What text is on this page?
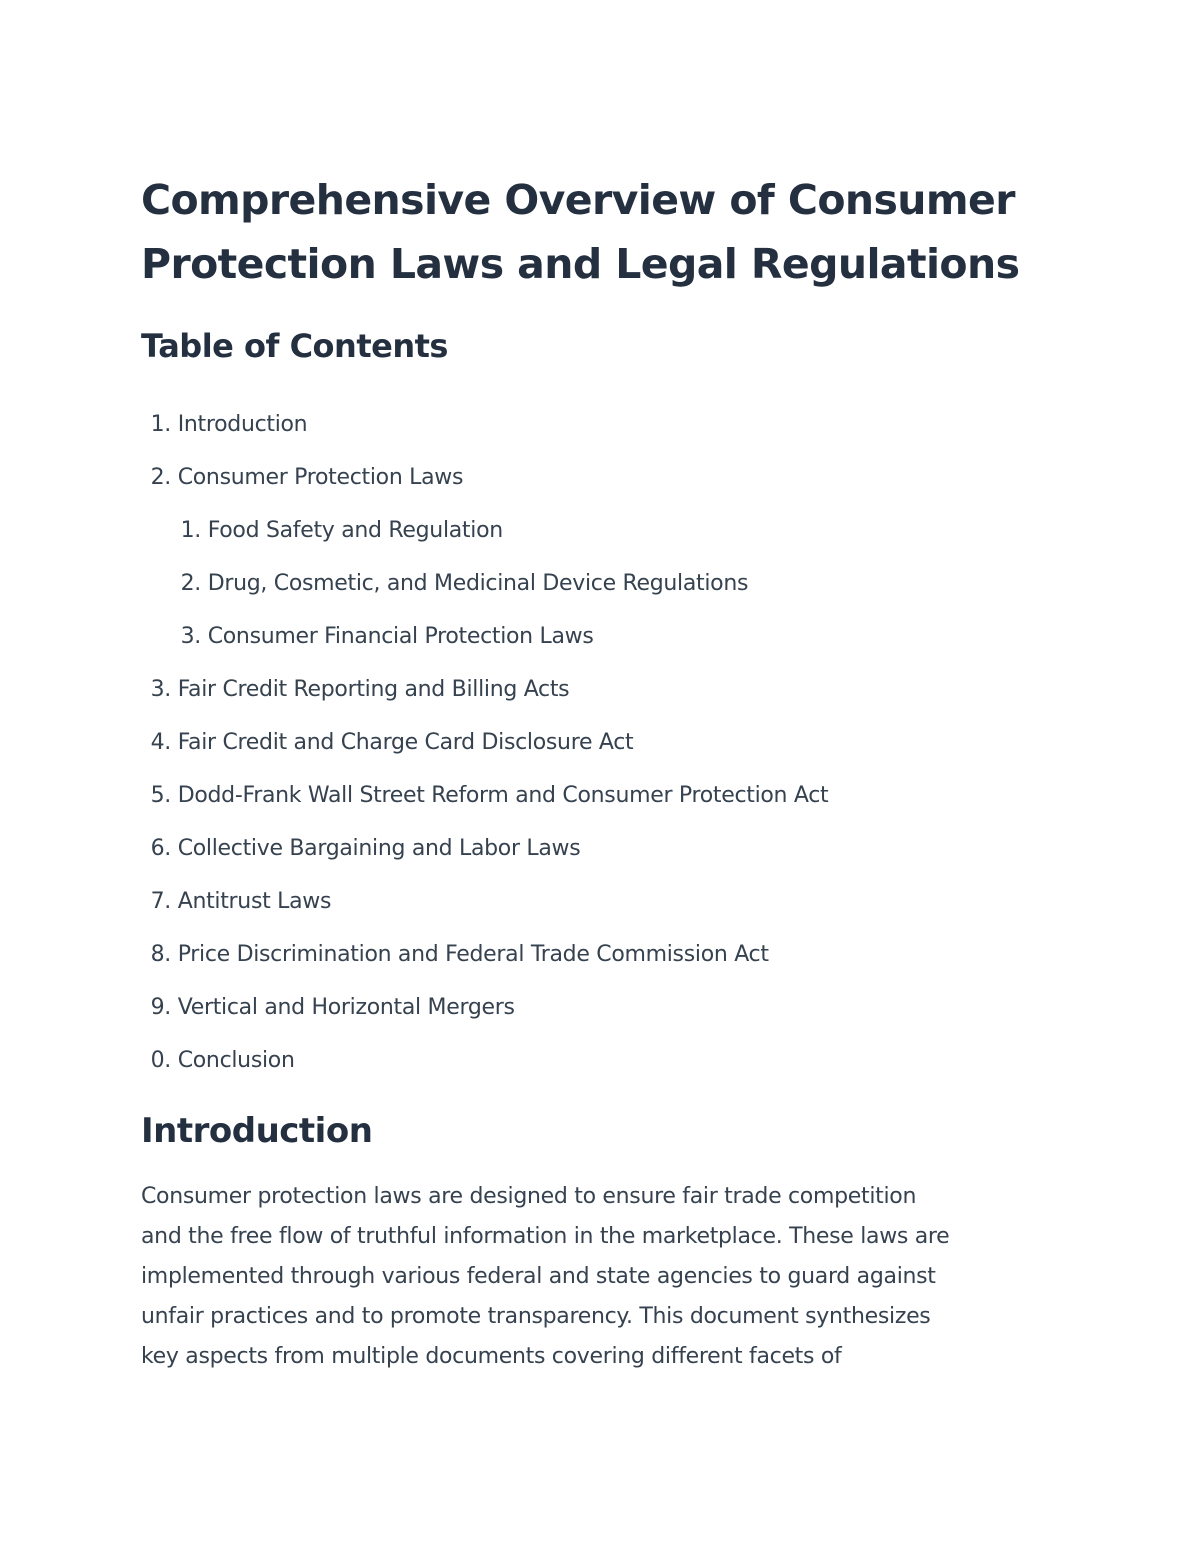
Comprehensive Overview of Consumer
Protection Laws and Legal Regulations
Table of Contents
1. Introduction
2. Consumer Protection Laws
1. Food Safety and Regulation
2. Drug, Cosmetic, and Medicinal Device Regulations
3. Consumer Financial Protection Laws
3. Fair Credit Reporting and Billing Acts
4. Fair Credit and Charge Card Disclosure Act
5. Dodd-Frank Wall Street Reform and Consumer Protection Act
6. Collective Bargaining and Labor Laws
7. Antitrust Laws
8. Price Discrimination and Federal Trade Commission Act
9. Vertical and Horizontal Mergers
0. Conclusion
Introduction

Consumer protection laws are designed to ensure fair trade competition
and the free flow of truthful information in the marketplace. These laws are
implemented through various federal and state agencies to guard against
unfair practices and to promote transparency. This document synthesizes
key aspects from multiple documents covering different facets of
